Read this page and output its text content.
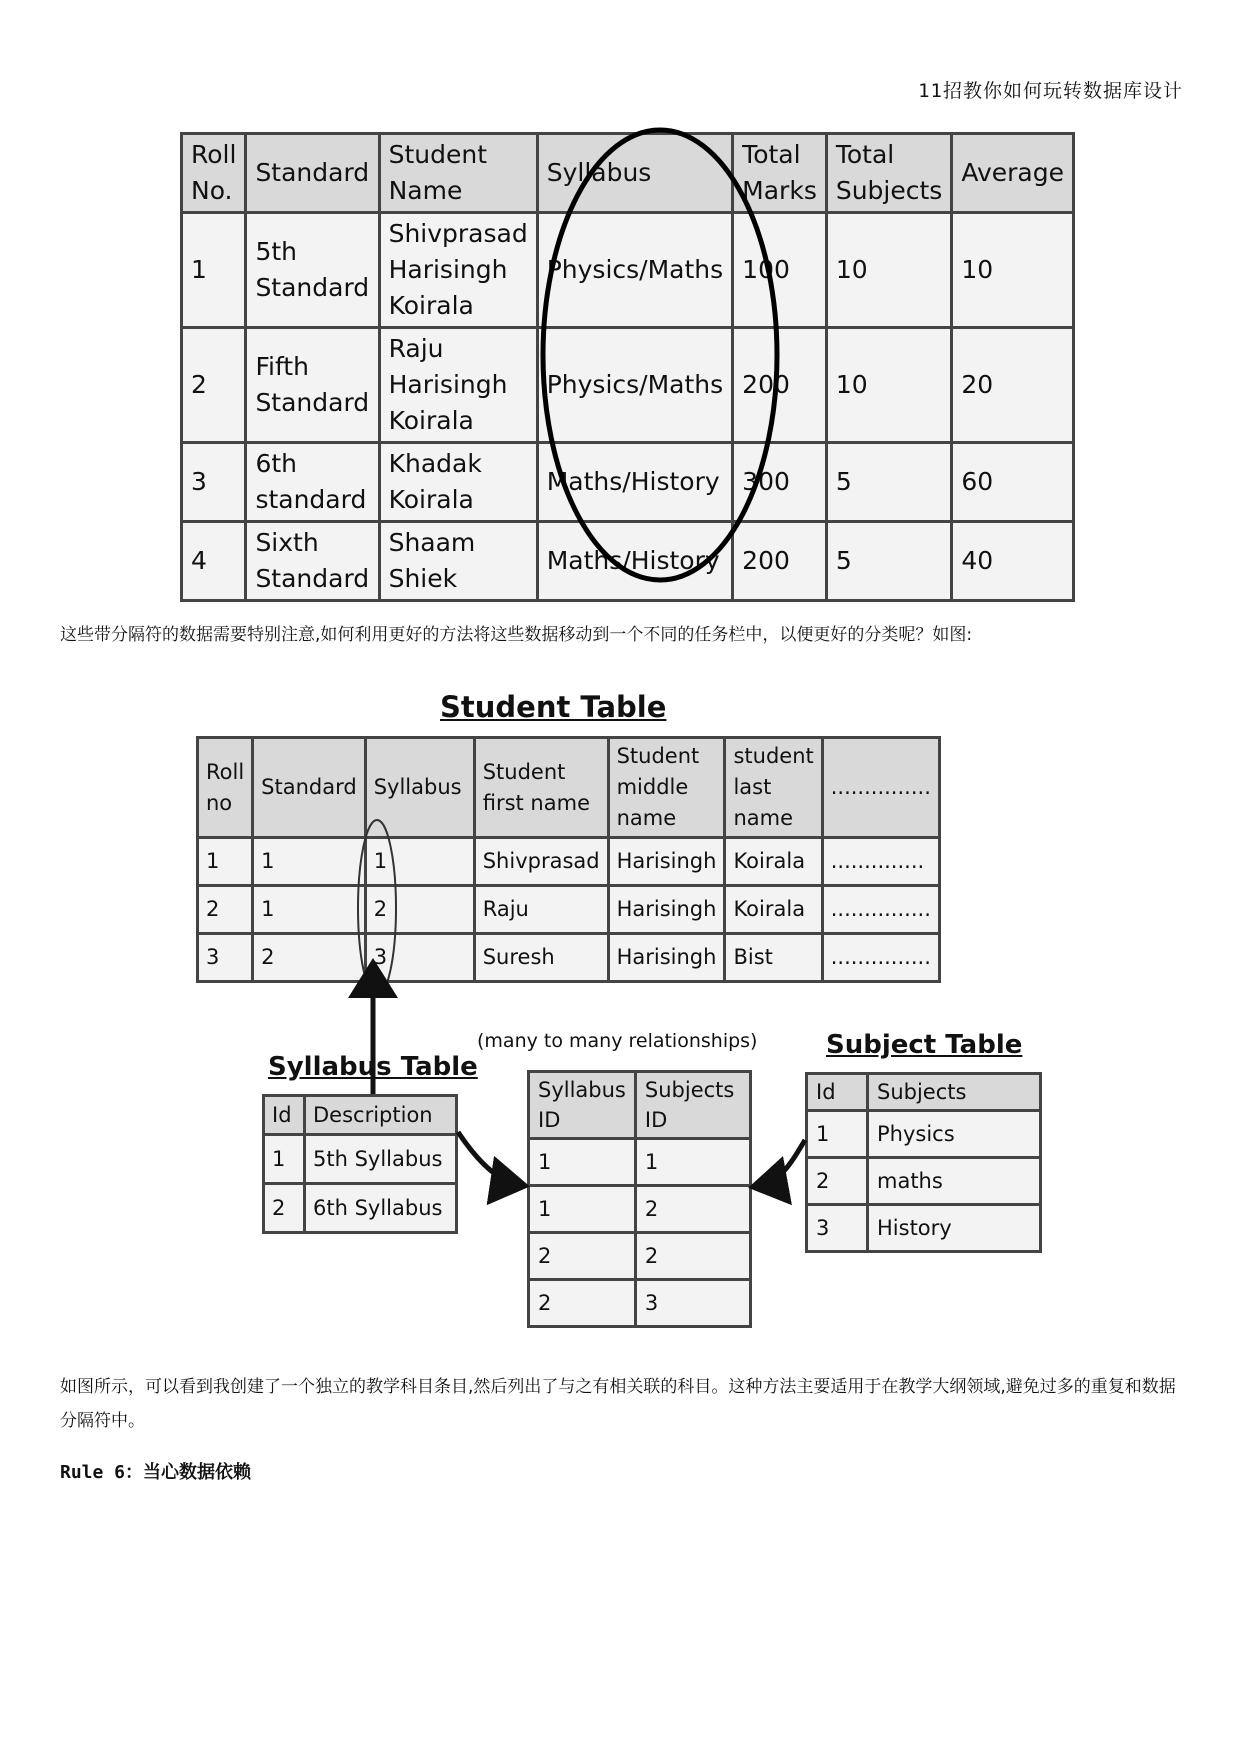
11招教你如何玩转数据库设计
Roll No.	Standard	Student Name	Syllabus	Total Marks	Total Subjects	Average
1	5th Standard	Shivprasad Harisingh Koirala	Physics/Maths	100	10	10
2	Fifth Standard	Raju Harisingh Koirala	Physics/Maths	200	10	20
3	6th standard	Khadak Koirala	Maths/History	300	5	60
4	Sixth Standard	Shaam Shiek	Maths/History	200	5	40
这些带分隔符的数据需要特别注意,如何利用更好的方法将这些数据移动到一个不同的任务栏中，以便更好的分类呢？如图:
Student Table
Roll no	Standard	Syllabus	Student first name	Student middle name	student last name	...............
1	1	1	Shivprasad	Harisingh	Koirala	..............
2	1	2	Raju	Harisingh	Koirala	...............
3	2	3	Suresh	Harisingh	Bist	...............
Syllabus Table
Id	Description
1	5th Syllabus
2	6th Syllabus
(many to many relationships)
Syllabus ID	Subjects ID
1	1
1	2
2	2
2	3
Subject Table
Id	Subjects
1	Physics
2	maths
3	History
如图所示，可以看到我创建了一个独立的教学科目条目,然后列出了与之有相关联的科目。这种方法主要适用于在教学大纲领域,避免过多的重复和数据分隔符中。
Rule 6：当心数据依赖
